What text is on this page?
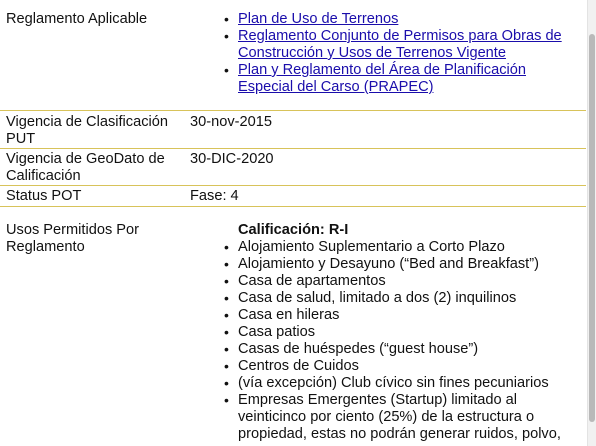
Reglamento Aplicable
•	Plan de Uso de Terrenos
• Reglamento Conjunto de Permisos para Obras de Construcción y Usos de Terrenos Vigente
• Plan y Reglamento del Área de Planificación Especial del Carso (PRAPEC)
Vigencia de Clasificación PUT
30-nov-2015
Vigencia de GeoDato de Calificación
30-DIC-2020
Status POT	Fase: 4
Usos Permitidos Por Reglamento
Calificación: R-I
• Alojamiento Suplementario a Corto Plazo
• Alojamiento y Desayuno (“Bed and Breakfast”)
• Casa de apartamentos
• Casa de salud, limitado a dos (2) inquilinos
• Casa en hileras
• Casa patios
• Casas de huéspedes (“guest house”)
• Centros de Cuidos
• (vía excepción) Club cívico sin fines pecuniarios
• Empresas Emergentes (Startup) limitado al veinticinco por ciento (25%) de la estructura o propiedad, estas no podrán generar ruidos, polvo,
